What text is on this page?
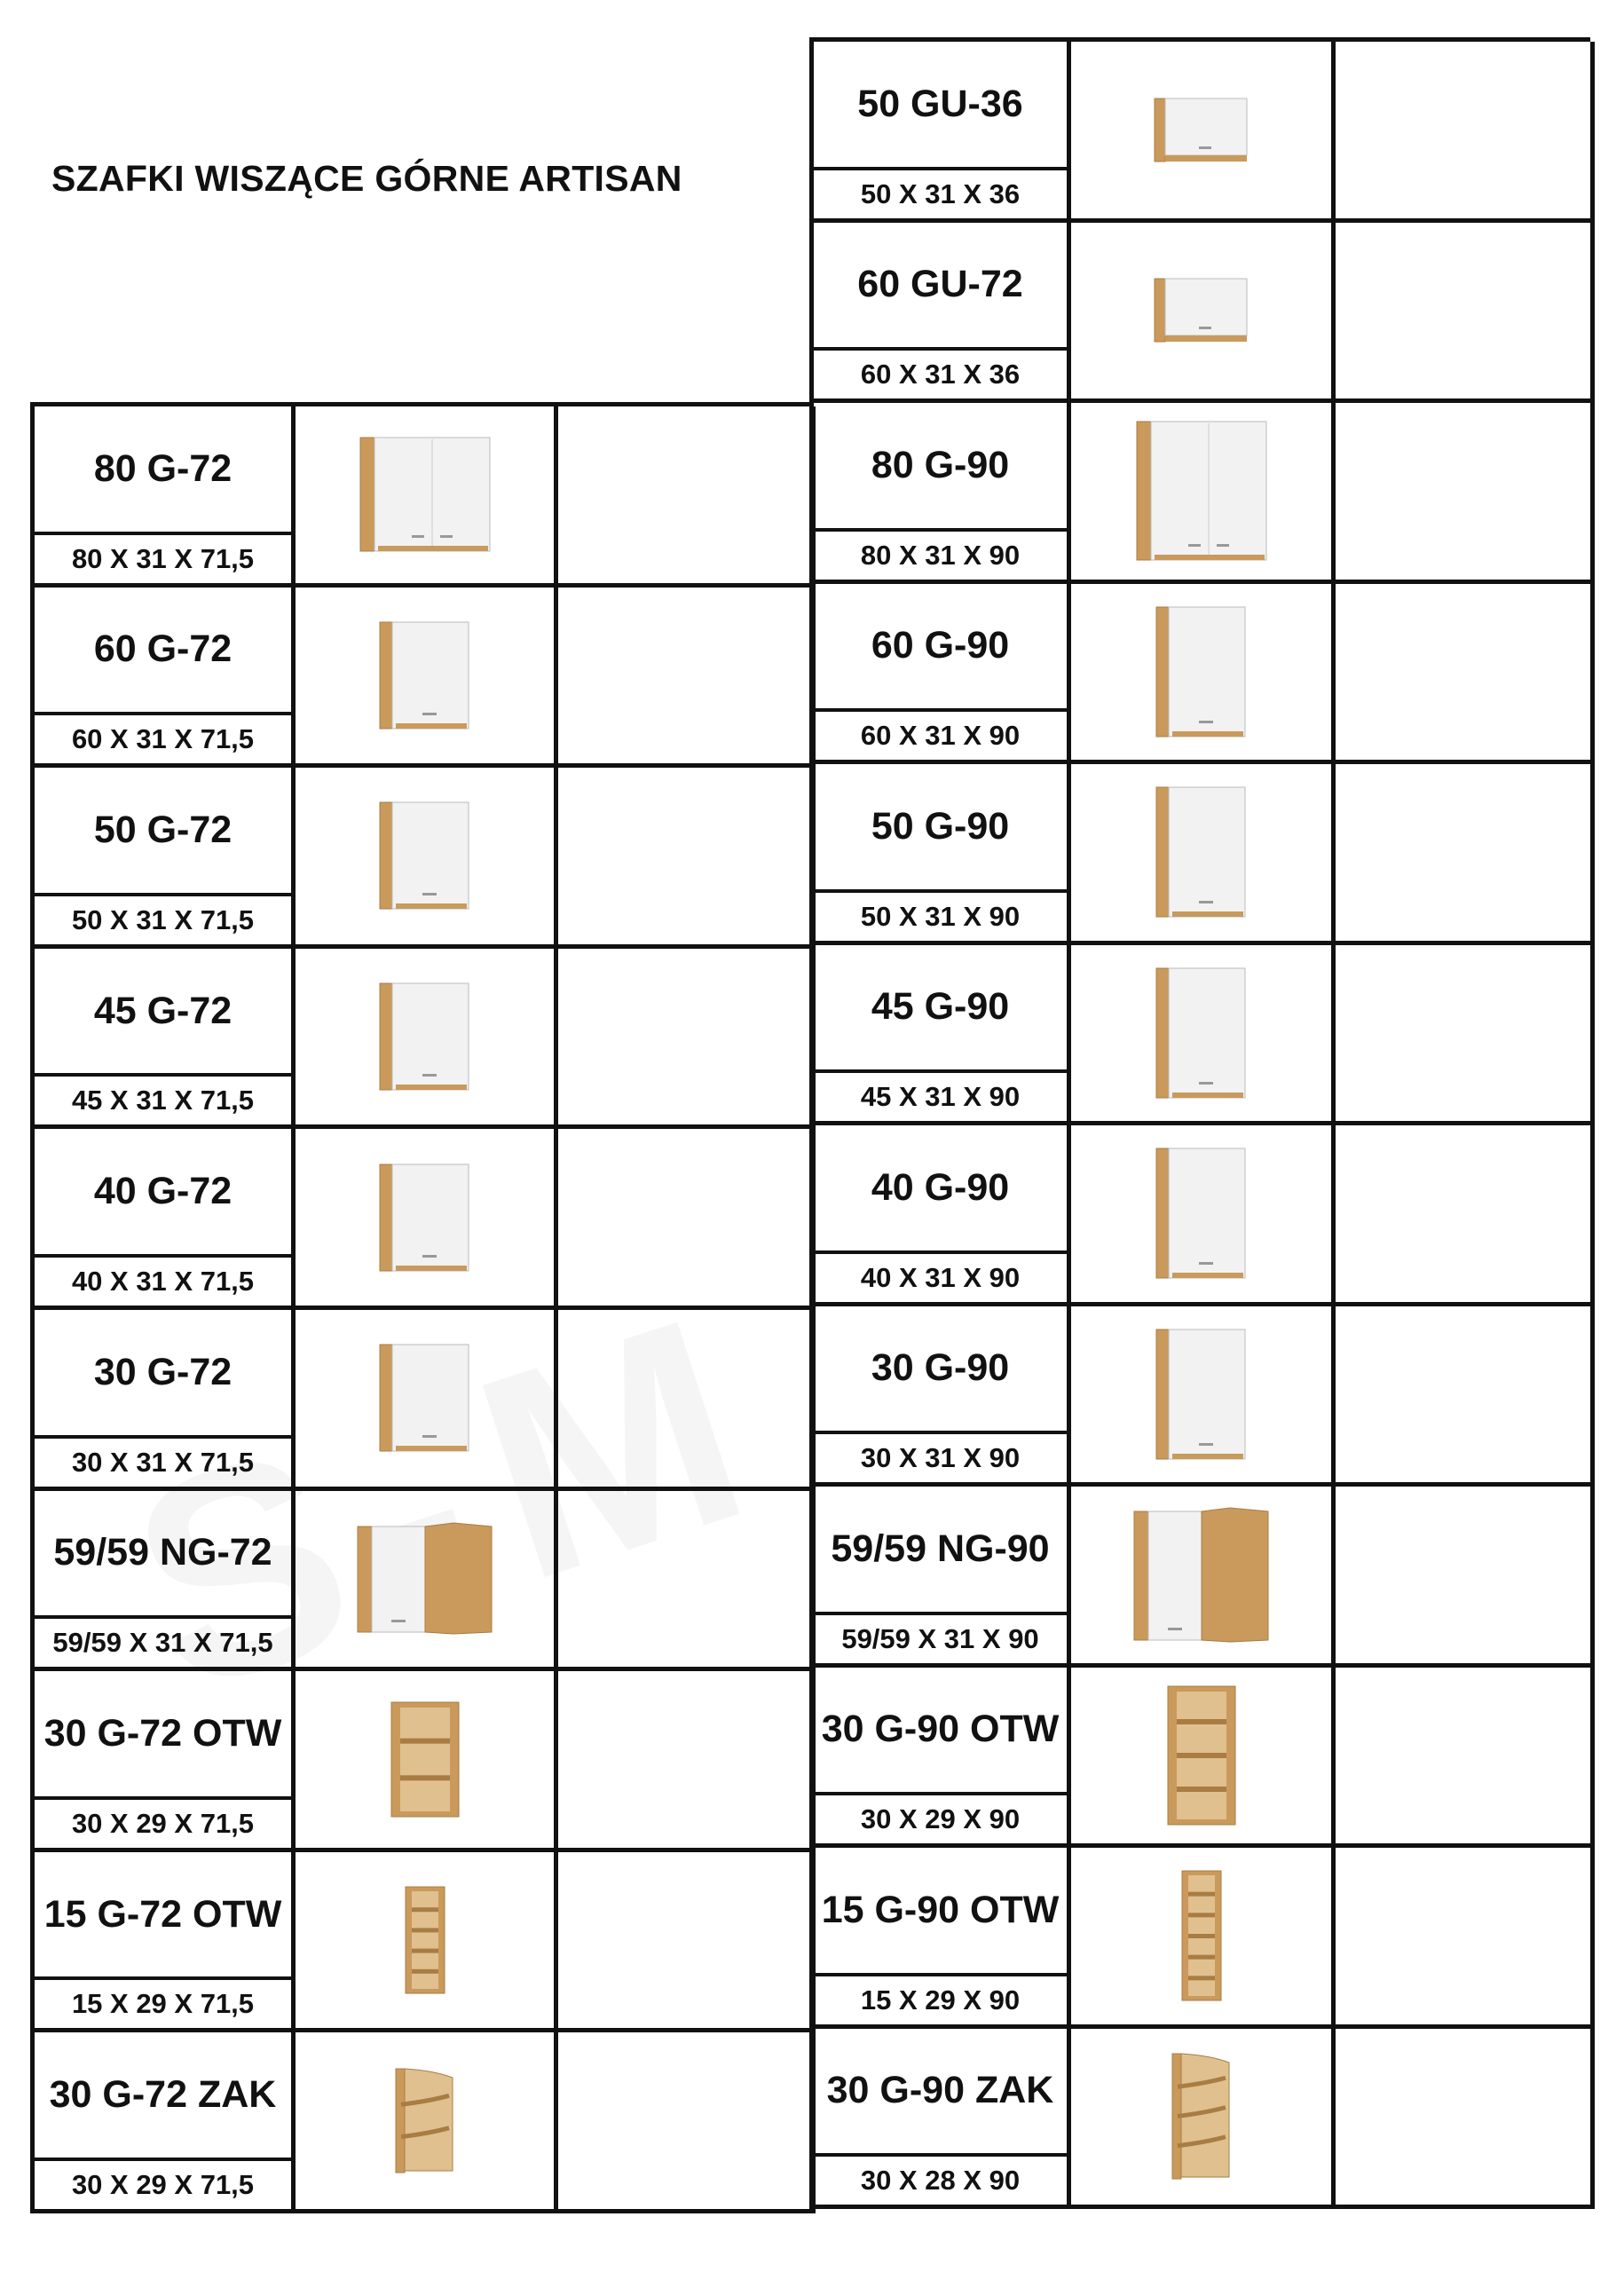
SZAFKI WISZĄCE GÓRNE ARTISAN
50 GU-36
50 X 31 X 36
60 GU-72
60 X 31 X 36
80 G-90
80 X 31 X 90
60 G-90
60 X 31 X 90
50 G-90
50 X 31 X 90
45 G-90
45 X 31 X 90
40 G-90
40 X 31 X 90
30 G-90
30 X 31 X 90
59/59 NG-90
59/59 X 31 X 90
30 G-90 OTW
30 X 29 X 90
15 G-90 OTW
15 X 29 X 90
30 G-90 ZAK
30 X 28 X 90
80 G-72
80 X 31 X 71,5
60 G-72
60 X 31 X 71,5
50 G-72
50 X 31 X 71,5
45 G-72
45 X 31 X 71,5
40 G-72
40 X 31 X 71,5
30 G-72
30 X 31 X 71,5
59/59 NG-72
59/59 X 31 X 71,5
30 G-72 OTW
30 X 29 X 71,5
15 G-72 OTW
15 X 29 X 71,5
30 G-72 ZAK
30 X 29 X 71,5
